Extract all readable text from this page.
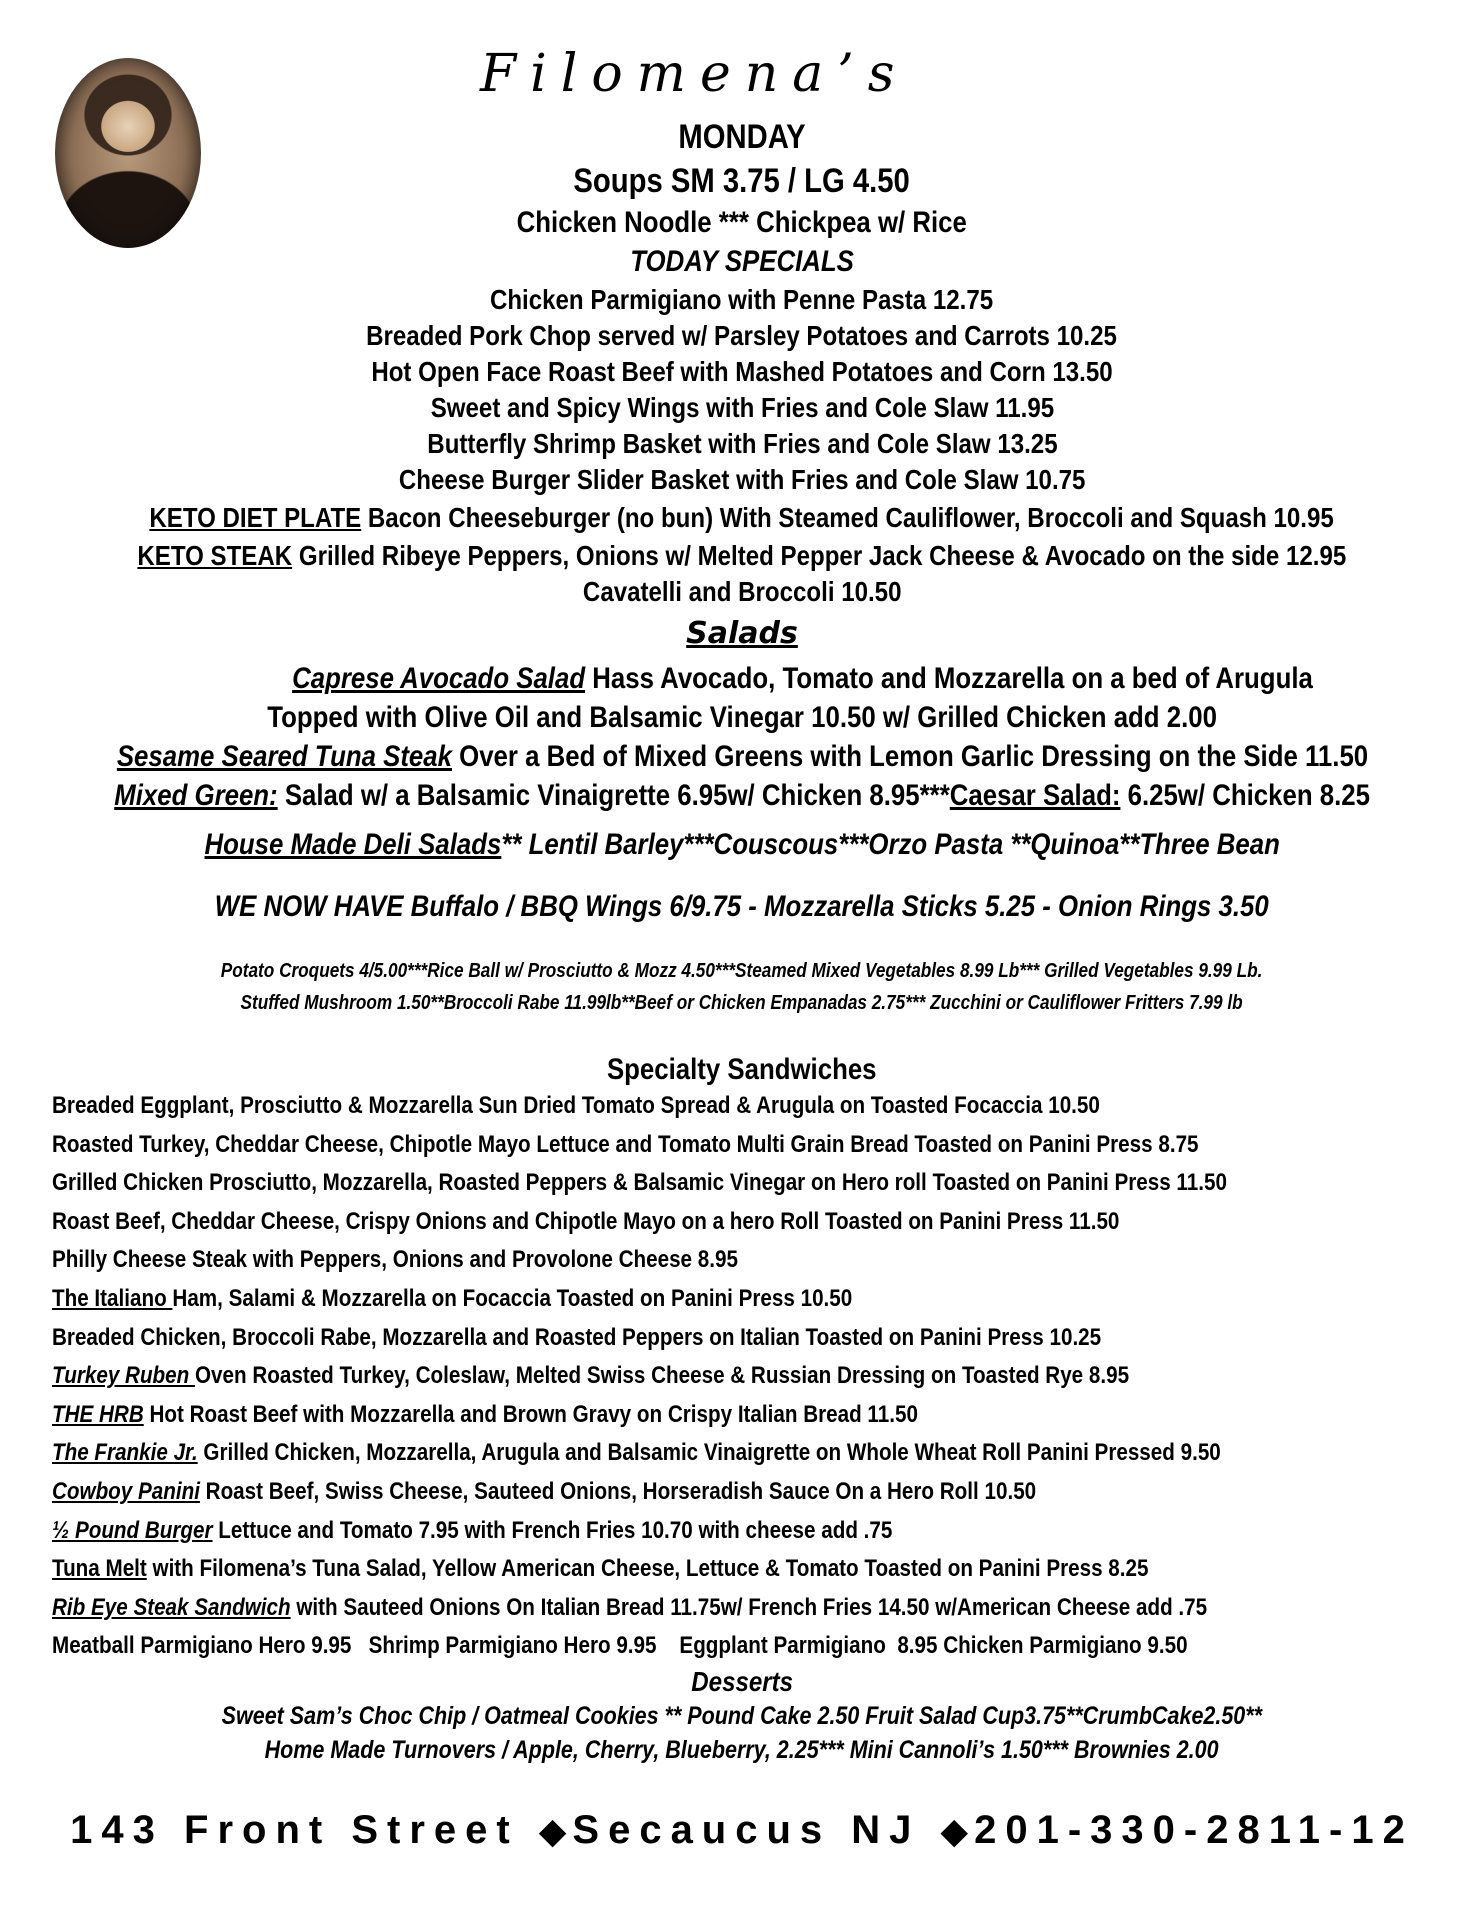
Filomena’s
MONDAY
Soups SM 3.75 / LG 4.50
Chicken Noodle *** Chickpea w/ Rice
TODAY SPECIALS
Chicken Parmigiano with Penne Pasta 12.75
Breaded Pork Chop served w/ Parsley Potatoes and Carrots 10.25
Hot Open Face Roast Beef with Mashed Potatoes and Corn 13.50
Sweet and Spicy Wings with Fries and Cole Slaw 11.95
Butterfly Shrimp Basket with Fries and Cole Slaw 13.25
Cheese Burger Slider Basket with Fries and Cole Slaw 10.75
KETO DIET PLATE Bacon Cheeseburger (no bun) With Steamed Cauliflower, Broccoli and Squash 10.95
KETO STEAK Grilled Ribeye Peppers, Onions w/ Melted Pepper Jack Cheese & Avocado on the side 12.95
Cavatelli and Broccoli 10.50
Salads
Caprese Avocado Salad Hass Avocado, Tomato and Mozzarella on a bed of Arugula
Topped with Olive Oil and Balsamic Vinegar 10.50 w/ Grilled Chicken add 2.00
Sesame Seared Tuna Steak Over a Bed of Mixed Greens with Lemon Garlic Dressing on the Side 11.50
Mixed Green: Salad w/ a Balsamic Vinaigrette 6.95w/ Chicken 8.95***Caesar Salad: 6.25w/ Chicken 8.25
House Made Deli Salads** Lentil Barley***Couscous***Orzo Pasta **Quinoa**Three Bean
WE NOW HAVE Buffalo / BBQ Wings 6/9.75 - Mozzarella Sticks 5.25 - Onion Rings 3.50
Potato Croquets 4/5.00***Rice Ball w/ Prosciutto & Mozz 4.50***Steamed Mixed Vegetables 8.99 Lb*** Grilled Vegetables 9.99 Lb.
Stuffed Mushroom 1.50**Broccoli Rabe 11.99lb**Beef or Chicken Empanadas 2.75*** Zucchini or Cauliflower Fritters 7.99 lb
Specialty Sandwiches
Breaded Eggplant, Prosciutto & Mozzarella Sun Dried Tomato Spread & Arugula on Toasted Focaccia 10.50
Roasted Turkey, Cheddar Cheese, Chipotle Mayo Lettuce and Tomato Multi Grain Bread Toasted on Panini Press 8.75
Grilled Chicken Prosciutto, Mozzarella, Roasted Peppers & Balsamic Vinegar on Hero roll Toasted on Panini Press 11.50
Roast Beef, Cheddar Cheese, Crispy Onions and Chipotle Mayo on a hero Roll Toasted on Panini Press 11.50
Philly Cheese Steak with Peppers, Onions and Provolone Cheese 8.95
The Italiano Ham, Salami & Mozzarella on Focaccia Toasted on Panini Press 10.50
Breaded Chicken, Broccoli Rabe, Mozzarella and Roasted Peppers on Italian Toasted on Panini Press 10.25
Turkey Ruben Oven Roasted Turkey, Coleslaw, Melted Swiss Cheese & Russian Dressing on Toasted Rye 8.95
THE HRB Hot Roast Beef with Mozzarella and Brown Gravy on Crispy Italian Bread 11.50
The Frankie Jr. Grilled Chicken, Mozzarella, Arugula and Balsamic Vinaigrette on Whole Wheat Roll Panini Pressed 9.50
Cowboy Panini Roast Beef, Swiss Cheese, Sauteed Onions, Horseradish Sauce On a Hero Roll 10.50
½ Pound Burger Lettuce and Tomato 7.95 with French Fries 10.70 with cheese add .75
Tuna Melt with Filomena’s Tuna Salad, Yellow American Cheese, Lettuce & Tomato Toasted on Panini Press 8.25
Rib Eye Steak Sandwich with Sauteed Onions On Italian Bread 11.75w/ French Fries 14.50 w/American Cheese add .75
Meatball Parmigiano Hero 9.95   Shrimp Parmigiano Hero 9.95    Eggplant Parmigiano  8.95 Chicken Parmigiano 9.50
Desserts
Sweet Sam’s Choc Chip / Oatmeal Cookies ** Pound Cake 2.50 Fruit Salad Cup3.75**CrumbCake2.50**
Home Made Turnovers / Apple, Cherry, Blueberry, 2.25*** Mini Cannoli’s 1.50*** Brownies 2.00
143 Front Street ◆ Secaucus NJ ◆ 201-330-2811-12
